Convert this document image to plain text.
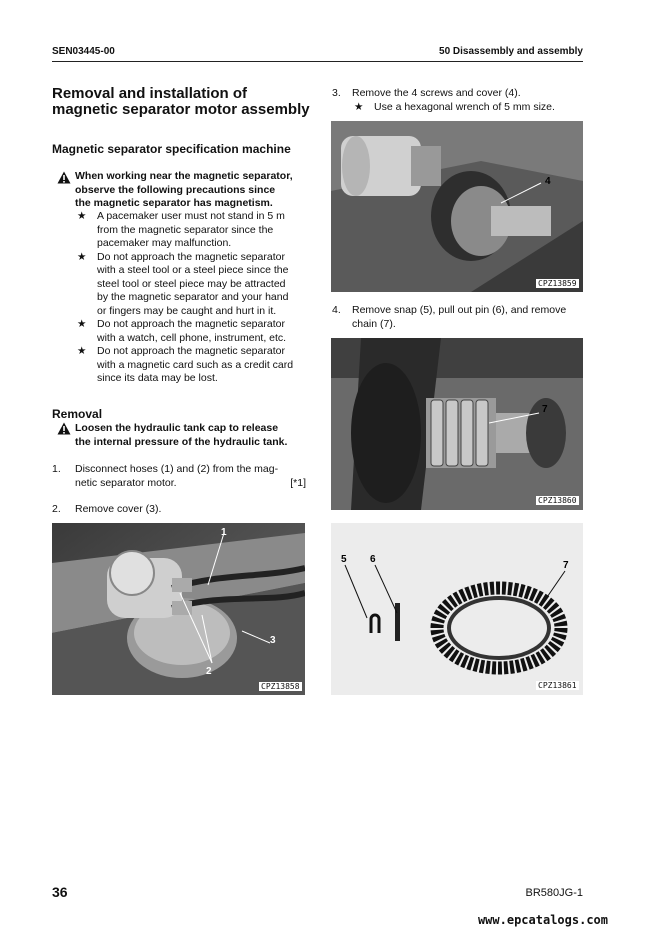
SEN03445-00	50 Disassembly and assembly
Removal and installation of magnetic separator motor assembly
Magnetic separator specification machine
When working near the magnetic separator,
observe the following precautions since
the magnetic separator has magnetism.
★	A pacemaker user must not stand in 5 m
from the magnetic separator since the
pacemaker may malfunction.
★	Do not approach the magnetic separator
with a steel tool or a steel piece since the
steel tool or steel piece may be attracted
by the magnetic separator and your hand
or fingers may be caught and hurt in it.
★	Do not approach the magnetic separator
with a watch, cell phone, instrument, etc.
★	Do not approach the magnetic separator
with a magnetic card such as a credit card
since its data may be lost.
Removal
Loosen the hydraulic tank cap to release
the internal pressure of the hydraulic tank.
1. Disconnect hoses (1) and (2) from the mag-
netic separator motor.	[*1]
2. Remove cover (3).
1
2
3
CPZ13858
3. Remove the 4 screws and cover (4).
★	Use a hexagonal wrench of 5 mm size.
4
CPZ13859
4. Remove snap (5), pull out pin (6), and remove
chain (7).
7
CPZ13860
5 6
7
CPZ13861
36	BR580JG-1
www.epcatalogs.com
